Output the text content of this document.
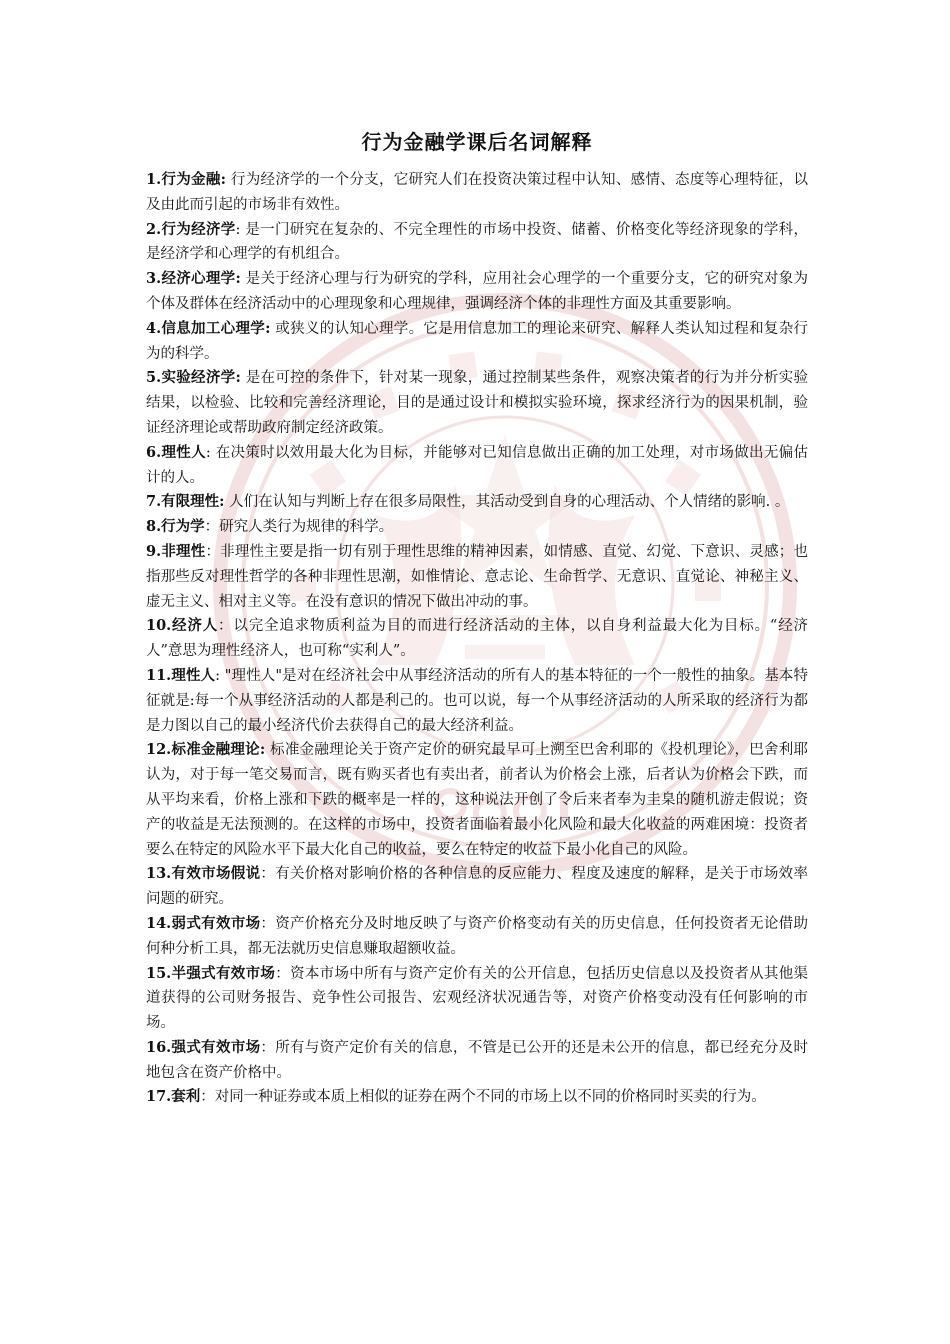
行为金融学课后名词解释

1.行为金融: 行为经济学的一个分支，它研究人们在投资决策过程中认知、感情、态度等心理特征，以及由此而引起的市场非有效性。

2.行为经济学: 是一门研究在复杂的、不完全理性的市场中投资、储蓄、价格变化等经济现象的学科，是经济学和心理学的有机组合。

3.经济心理学: 是关于经济心理与行为研究的学科，应用社会心理学的一个重要分支，它的研究对象为个体及群体在经济活动中的心理现象和心理规律，强调经济个体的非理性方面及其重要影响。

4.信息加工心理学: 或狭义的认知心理学。它是用信息加工的理论来研究、解释人类认知过程和复杂行为的科学。

5.实验经济学: 是在可控的条件下，针对某一现象，通过控制某些条件，观察决策者的行为并分析实验结果，以检验、比较和完善经济理论，目的是通过设计和模拟实验环境，探求经济行为的因果机制，验证经济理论或帮助政府制定经济政策。

6.理性人: 在决策时以效用最大化为目标，并能够对已知信息做出正确的加工处理，对市场做出无偏估计的人。

7.有限理性: 人们在认知与判断上存在很多局限性，其活动受到自身的心理活动、个人情绪的影响. 。

8.行为学：研究人类行为规律的科学。

9.非理性：非理性主要是指一切有别于理性思维的精神因素，如情感、直觉、幻觉、下意识、灵感；也指那些反对理性哲学的各种非理性思潮，如惟情论、意志论、生命哲学、无意识、直觉论、神秘主义、虚无主义、相对主义等。在没有意识的情况下做出冲动的事。

10.经济人：以完全追求物质利益为目的而进行经济活动的主体，以自身利益最大化为目标。“经济人”意思为理性经济人，也可称“实利人”。

11.理性人: "理性人"是对在经济社会中从事经济活动的所有人的基本特征的一个一般性的抽象。基本特征就是:每一个从事经济活动的人都是利己的。也可以说，每一个从事经济活动的人所采取的经济行为都是力图以自己的最小经济代价去获得自己的最大经济利益。

12.标准金融理论: 标准金融理论关于资产定价的研究最早可上溯至巴舍利耶的《投机理论》，巴舍利耶认为，对于每一笔交易而言，既有购买者也有卖出者，前者认为价格会上涨，后者认为价格会下跌，而从平均来看，价格上涨和下跌的概率是一样的，这种说法开创了令后来者奉为圭臬的随机游走假说；资产的收益是无法预测的。在这样的市场中，投资者面临着最小化风险和最大化收益的两难困境：投资者要么在特定的风险水平下最大化自己的收益，要么在特定的收益下最小化自己的风险。

13.有效市场假说：有关价格对影响价格的各种信息的反应能力、程度及速度的解释，是关于市场效率问题的研究。

14.弱式有效市场：资产价格充分及时地反映了与资产价格变动有关的历史信息，任何投资者无论借助何种分析工具，都无法就历史信息赚取超额收益。

15.半强式有效市场：资本市场中所有与资产定价有关的公开信息，包括历史信息以及投资者从其他渠道获得的公司财务报告、竞争性公司报告、宏观经济状况通告等，对资产价格变动没有任何影响的市场。

16.强式有效市场：所有与资产定价有关的信息，不管是已公开的还是未公开的信息，都已经充分及时地包含在资产价格中。

17.套利：对同一种证券或本质上相似的证券在两个不同的市场上以不同的价格同时买卖的行为。
